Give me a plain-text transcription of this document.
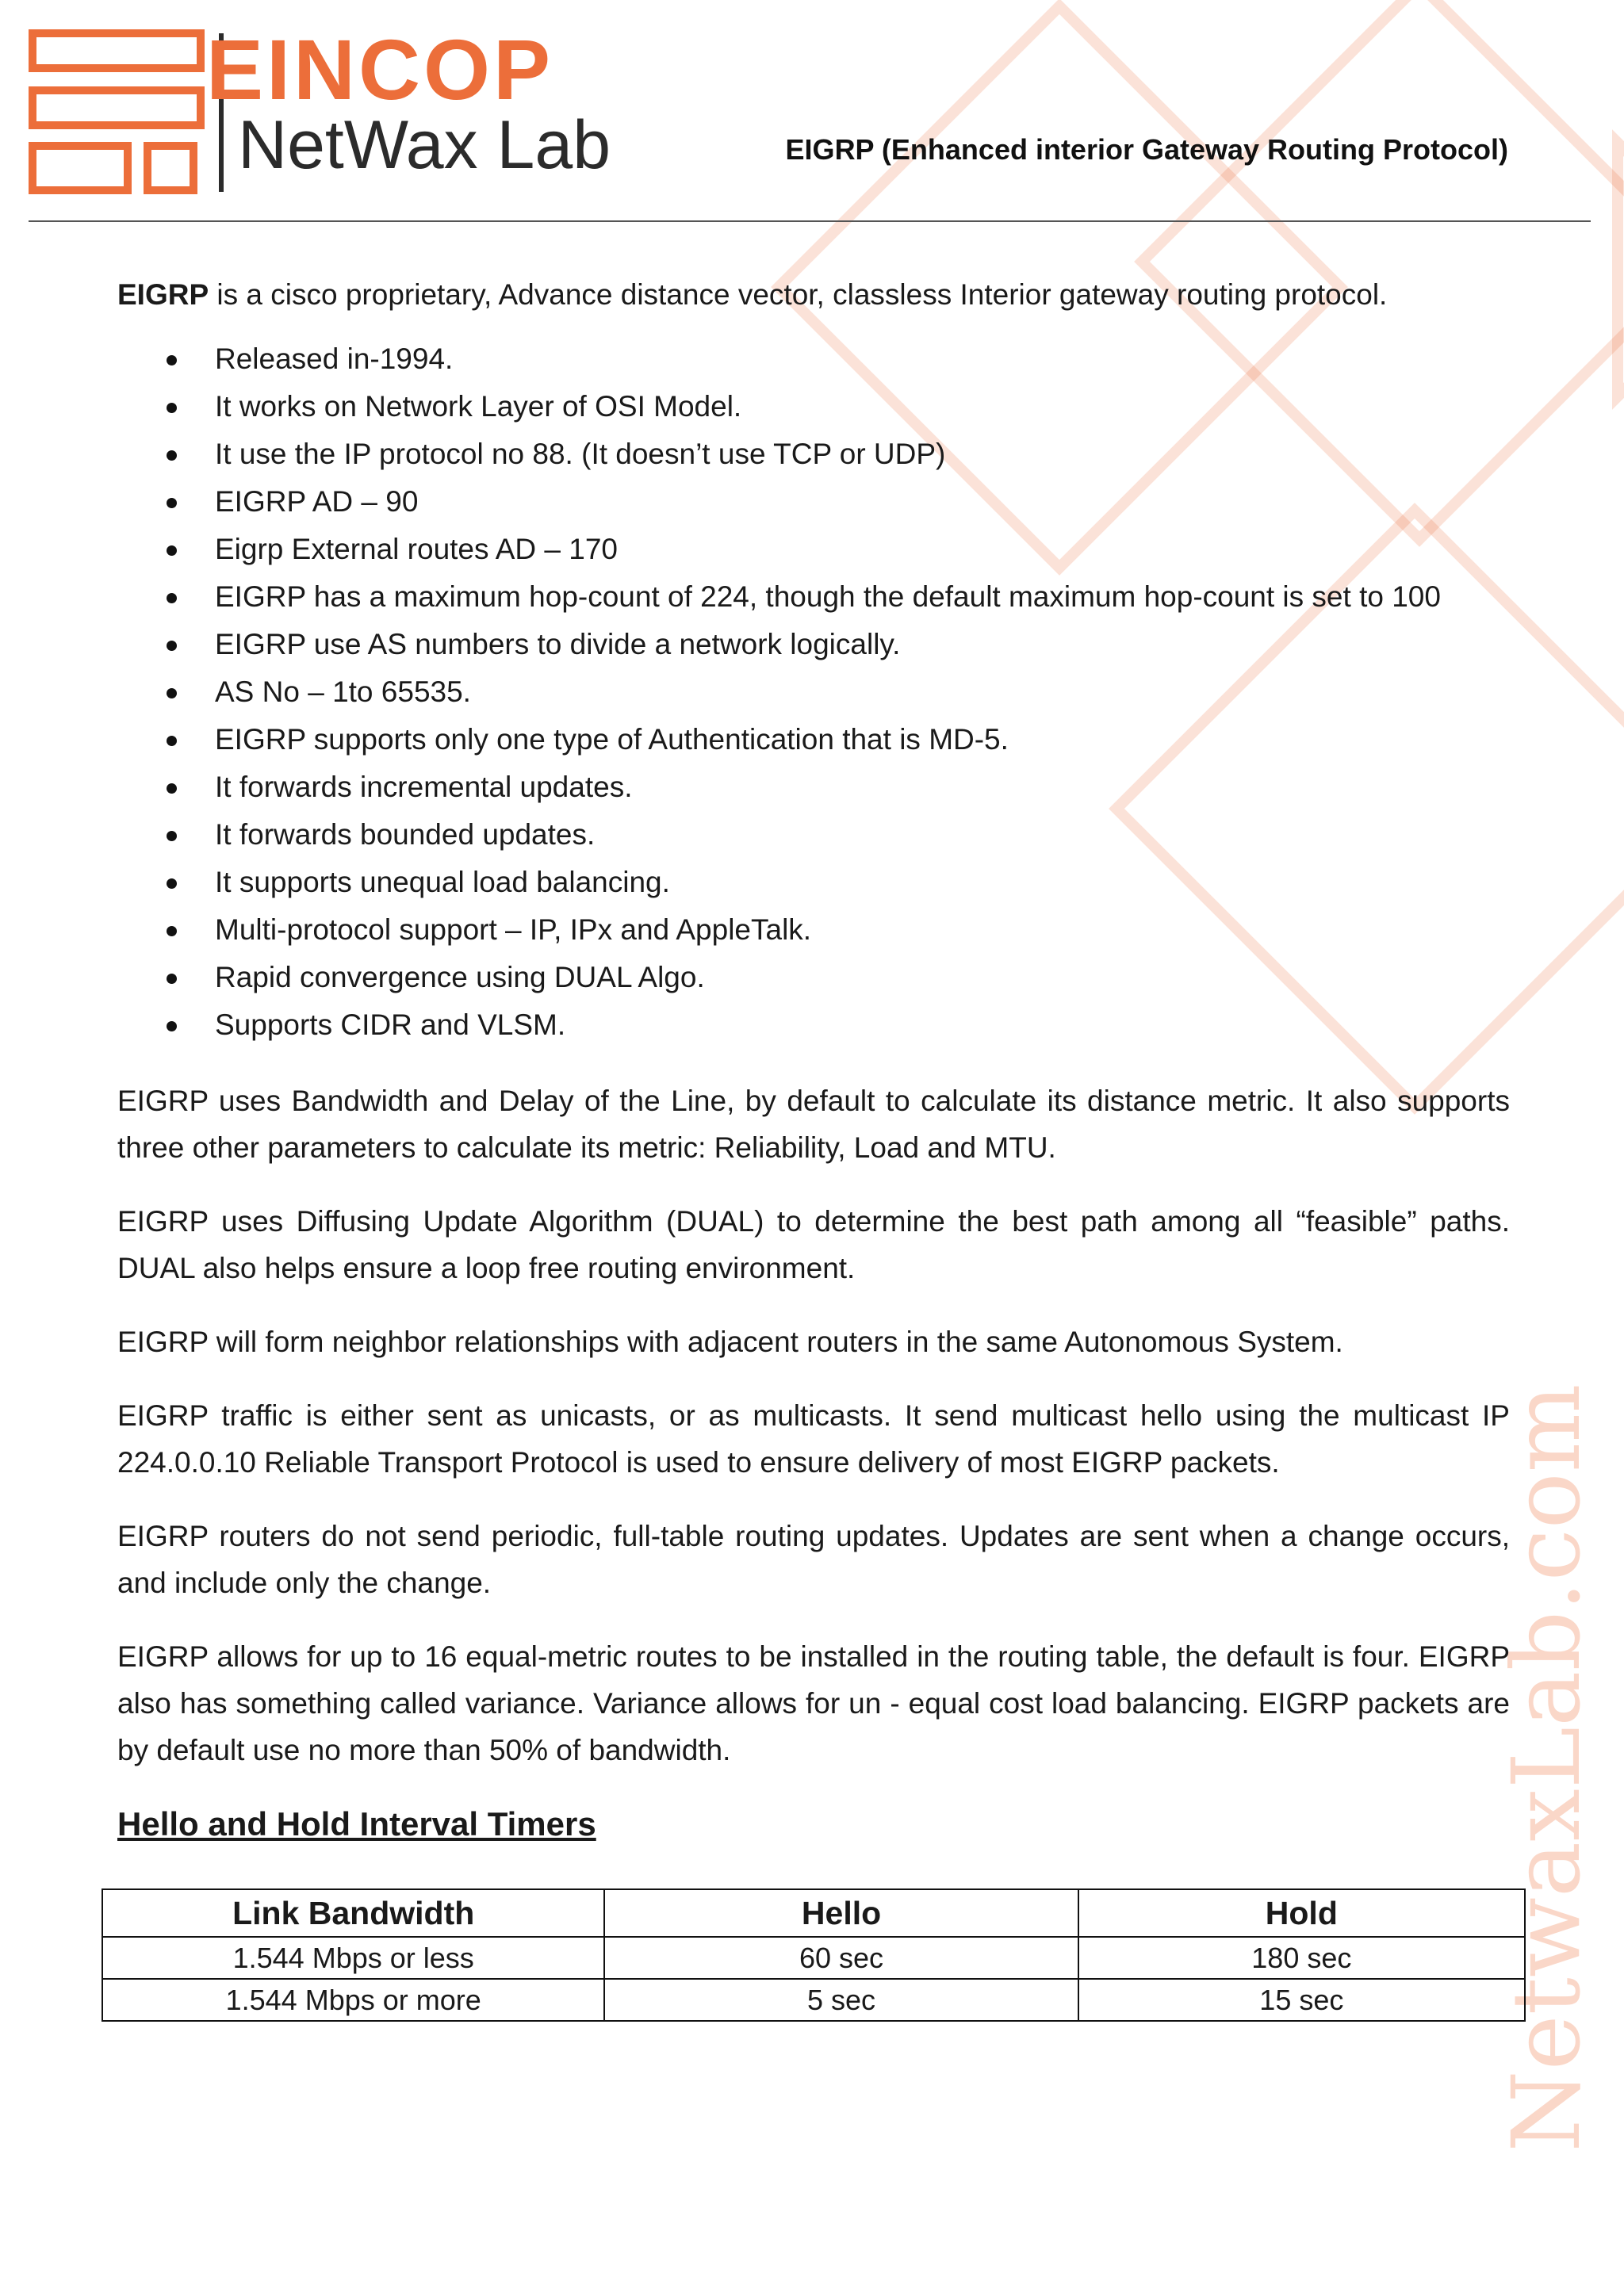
NetwaxLab.com
EINCOP
NetWax Lab	EIGRP (Enhanced interior Gateway Routing Protocol)

EIGRP is a cisco proprietary, Advance distance vector, classless Interior gateway routing protocol.

Released in-1994.
It works on Network Layer of OSI Model.
It use the IP protocol no 88. (It doesn’t use TCP or UDP)
EIGRP AD – 90
Eigrp External routes AD – 170
EIGRP has a maximum hop-count of 224, though the default maximum hop-count is set to 100
EIGRP use AS numbers to divide a network logically.
AS No – 1to 65535.
EIGRP supports only one type of Authentication that is MD-5.
It forwards incremental updates.
It forwards bounded updates.
It supports unequal load balancing.
Multi-protocol support – IP, IPx and AppleTalk.
Rapid convergence using DUAL Algo.
Supports CIDR and VLSM.

EIGRP uses Bandwidth and Delay of the Line, by default to calculate its distance metric. It also supports three other parameters to calculate its metric: Reliability, Load and MTU.

EIGRP uses Diffusing Update Algorithm (DUAL) to determine the best path among all “feasible” paths. DUAL also helps ensure a loop free routing environment.

EIGRP will form neighbor relationships with adjacent routers in the same Autonomous System.

EIGRP traffic is either sent as unicasts, or as multicasts. It send multicast hello using the multicast IP 224.0.0.10 Reliable Transport Protocol is used to ensure delivery of most EIGRP packets.

EIGRP routers do not send periodic, full-table routing updates. Updates are sent when a change occurs, and include only the change.

EIGRP allows for up to 16 equal-metric routes to be installed in the routing table, the default is four. EIGRP also has something called variance. Variance allows for un - equal cost load balancing. EIGRP packets are by default use no more than 50% of bandwidth.

Hello and Hold Interval Timers
Link Bandwidth	Hello	Hold
1.544 Mbps or less	60 sec	180 sec
1.544 Mbps or more	5 sec	15 sec
